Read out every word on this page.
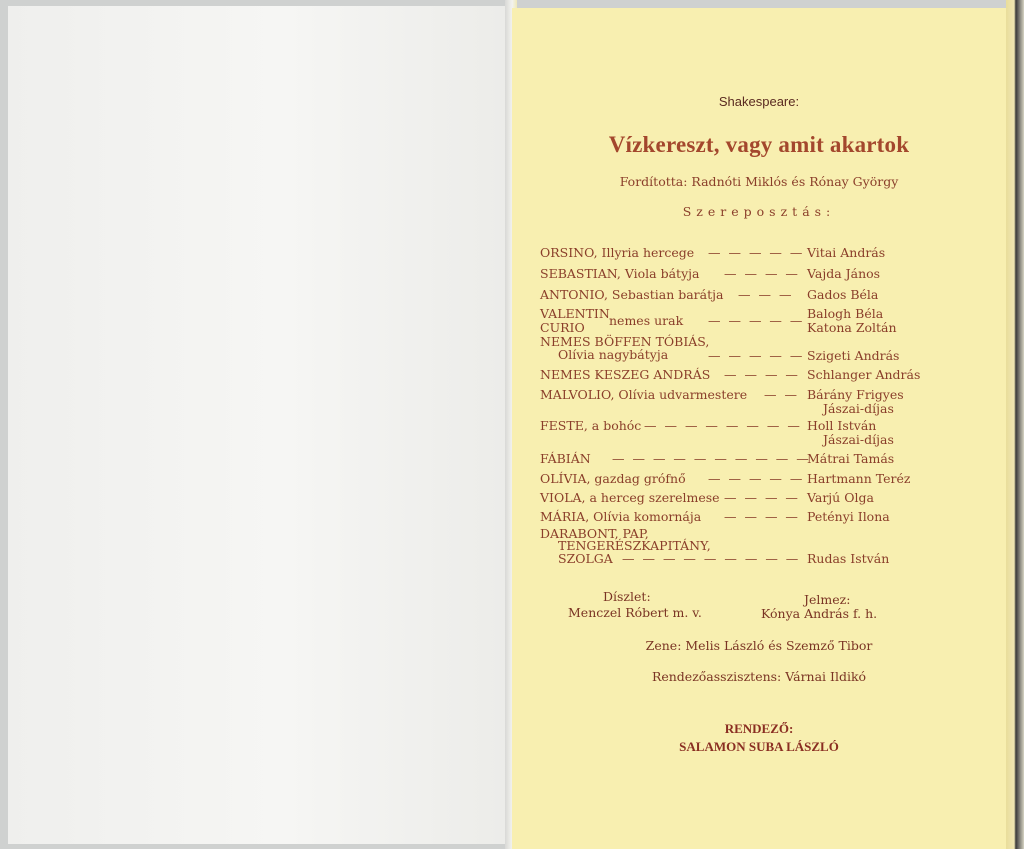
Shakespeare:
Vízkereszt, vagy amit akartok
Fordította: Radnóti Miklós és Rónay György
Szereposztás:
ORSINO, Illyria hercege — — — — — Vitai András
SEBASTIAN, Viola bátyja — — — — Vajda János
ANTONIO, Sebastian barátja — — — Gados Béla
VALENTIN
CURIO nemes urak — — — — — Balogh Béla
Katona Zoltán
NEMES BÖFFEN TÓBIÁS,
Olívia nagybátyja	— — — — — Szigeti András
NEMES KESZEG ANDRÁS — — — — Schlanger András
MALVOLIO, Olívia udvarmestere — — Bárány Frigyes
Jászai-díjas
FESTE, a bohóc — — — — — — — — Holl István
Jászai-díjas
FÁBIÁN — — — — — — — — — —
Mátrai Tamás
OLÍVIA, gazdag grófnő — — — — — Hartmann Teréz
VIOLA, a herceg szerelmese — — — — Varjú Olga
MÁRIA, Olívia komornája — — — — Petényi Ilona
DARABONT, PAP,
TENGERÉSZKAPITÁNY,
SZOLGA — — — — — — — — — Rudas István
Díszlet:
Menczel Róbert m. v.
Jelmez:
Kónya András f. h.
Zene: Melis László és Szemző Tibor
Rendezőasszisztens: Várnai Ildikó
RENDEZŐ:
SALAMON SUBA LÁSZLÓ
